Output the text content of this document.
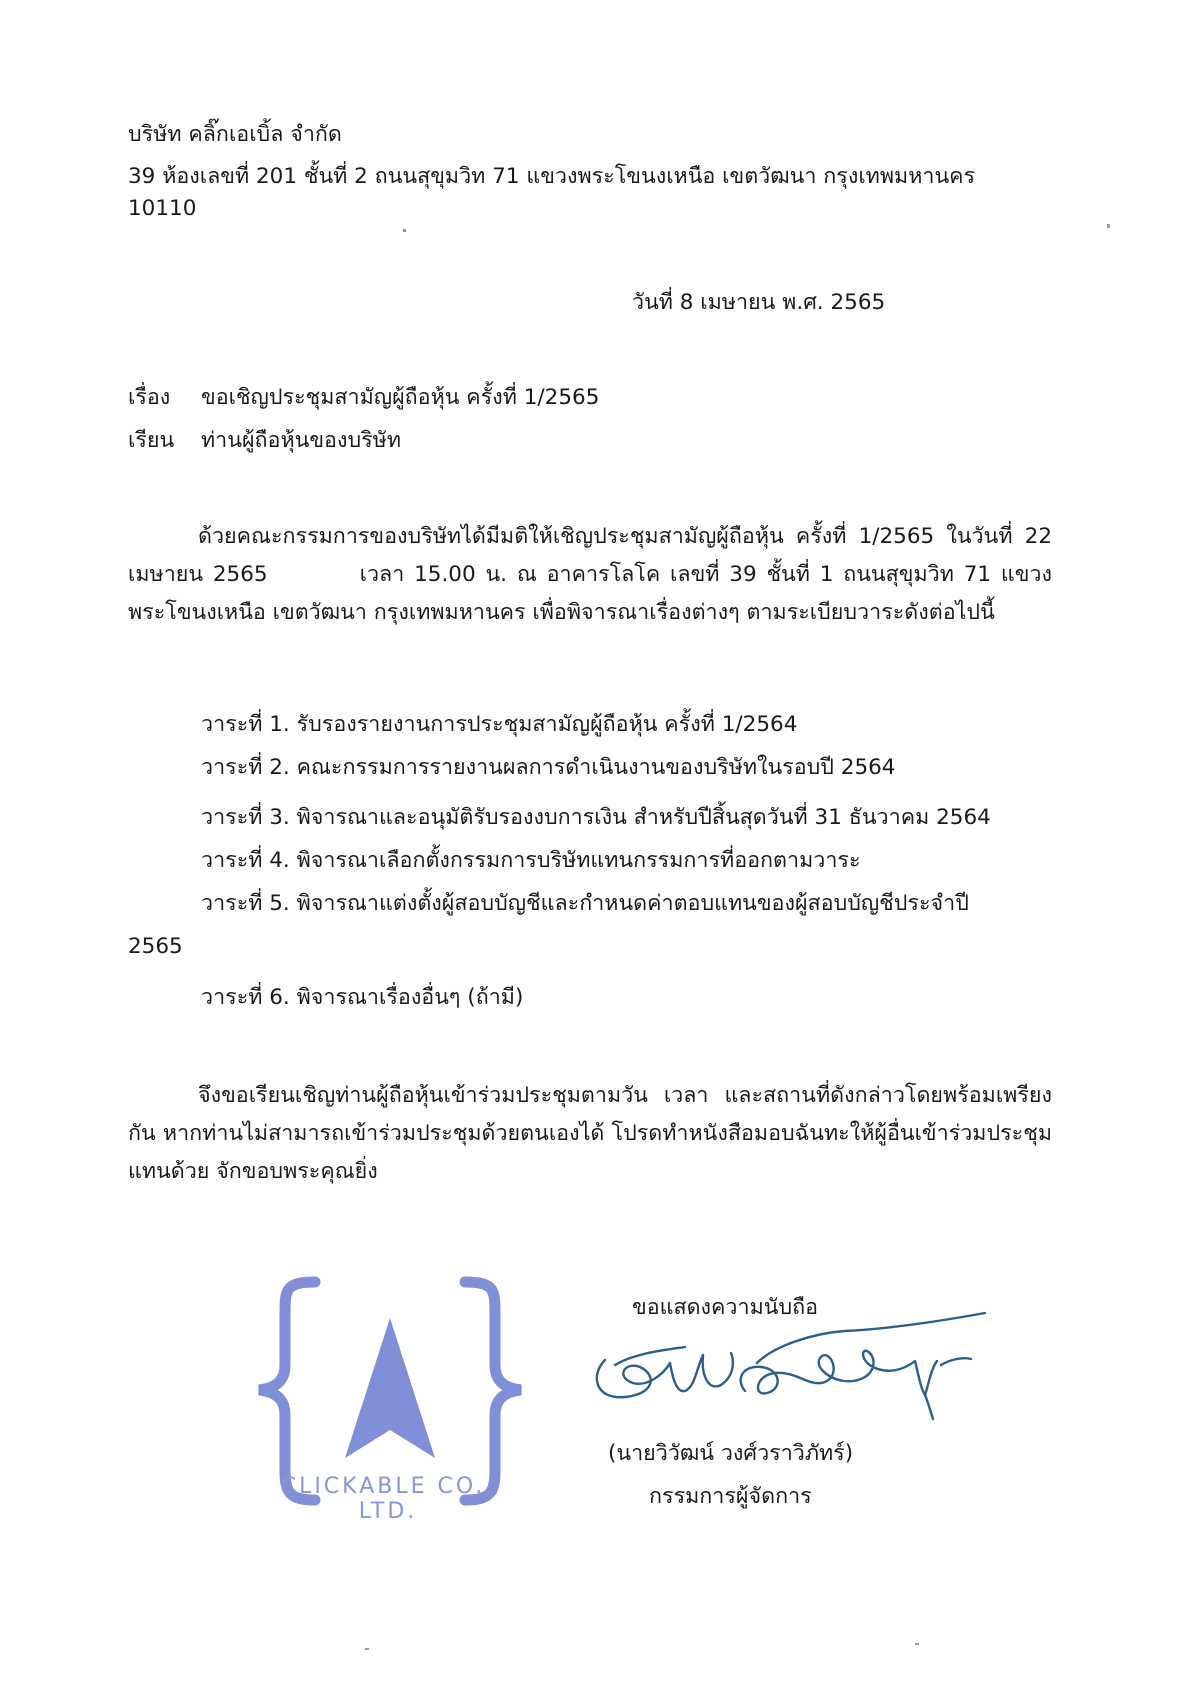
บริษัท คลิ๊กเอเบิ้ล จำกัด
39 ห้องเลขที่ 201 ชั้นที่ 2 ถนนสุขุมวิท 71 แขวงพระโขนงเหนือ เขตวัฒนา กรุงเทพมหานคร
10110
วันที่ 8 เมษายน พ.ศ. 2565
เรื่อง ขอเชิญประชุมสามัญผู้ถือหุ้น ครั้งที่ 1/2565
เรียน ท่านผู้ถือหุ้นของบริษัท
ด้วยคณะกรรมการของบริษัทได้มีมติให้เชิญประชุมสามัญผู้ถือหุ้น ครั้งที่ 1/2565 ในวันที่ 22 เมษายน 2565	เวลา 15.00 น. ณ อาคารโลโค เลขที่ 39 ชั้นที่ 1 ถนนสุขุมวิท 71 แขวงพระโขนงเหนือ เขตวัฒนา กรุงเทพมหานคร เพื่อพิจารณาเรื่องต่างๆ ตามระเบียบวาระดังต่อไปนี้
วาระที่ 1. รับรองรายงานการประชุมสามัญผู้ถือหุ้น ครั้งที่ 1/2564
วาระที่ 2. คณะกรรมการรายงานผลการดำเนินงานของบริษัทในรอบปี 2564
วาระที่ 3. พิจารณาและอนุมัติรับรองงบการเงิน สำหรับปีสิ้นสุดวันที่ 31 ธันวาคม 2564
วาระที่ 4. พิจารณาเลือกตั้งกรรมการบริษัทแทนกรรมการที่ออกตามวาระ
วาระที่ 5. พิจารณาแต่งตั้งผู้สอบบัญชีและกำหนดค่าตอบแทนของผู้สอบบัญชีประจำปี
2565
วาระที่ 6. พิจารณาเรื่องอื่นๆ (ถ้ามี)
จึงขอเรียนเชิญท่านผู้ถือหุ้นเข้าร่วมประชุมตามวัน เวลา และสถานที่ดังกล่าวโดยพร้อมเพรียงกัน หากท่านไม่สามารถเข้าร่วมประชุมด้วยตนเองได้ โปรดทำหนังสือมอบฉันทะให้ผู้อื่นเข้าร่วมประชุมแทนด้วย จักขอบพระคุณยิ่ง
CLICKABLE CO., LTD.
ขอแสดงความนับถือ
(นายวิวัฒน์ วงศ์วราวิภัทร์)
กรรมการผู้จัดการ
